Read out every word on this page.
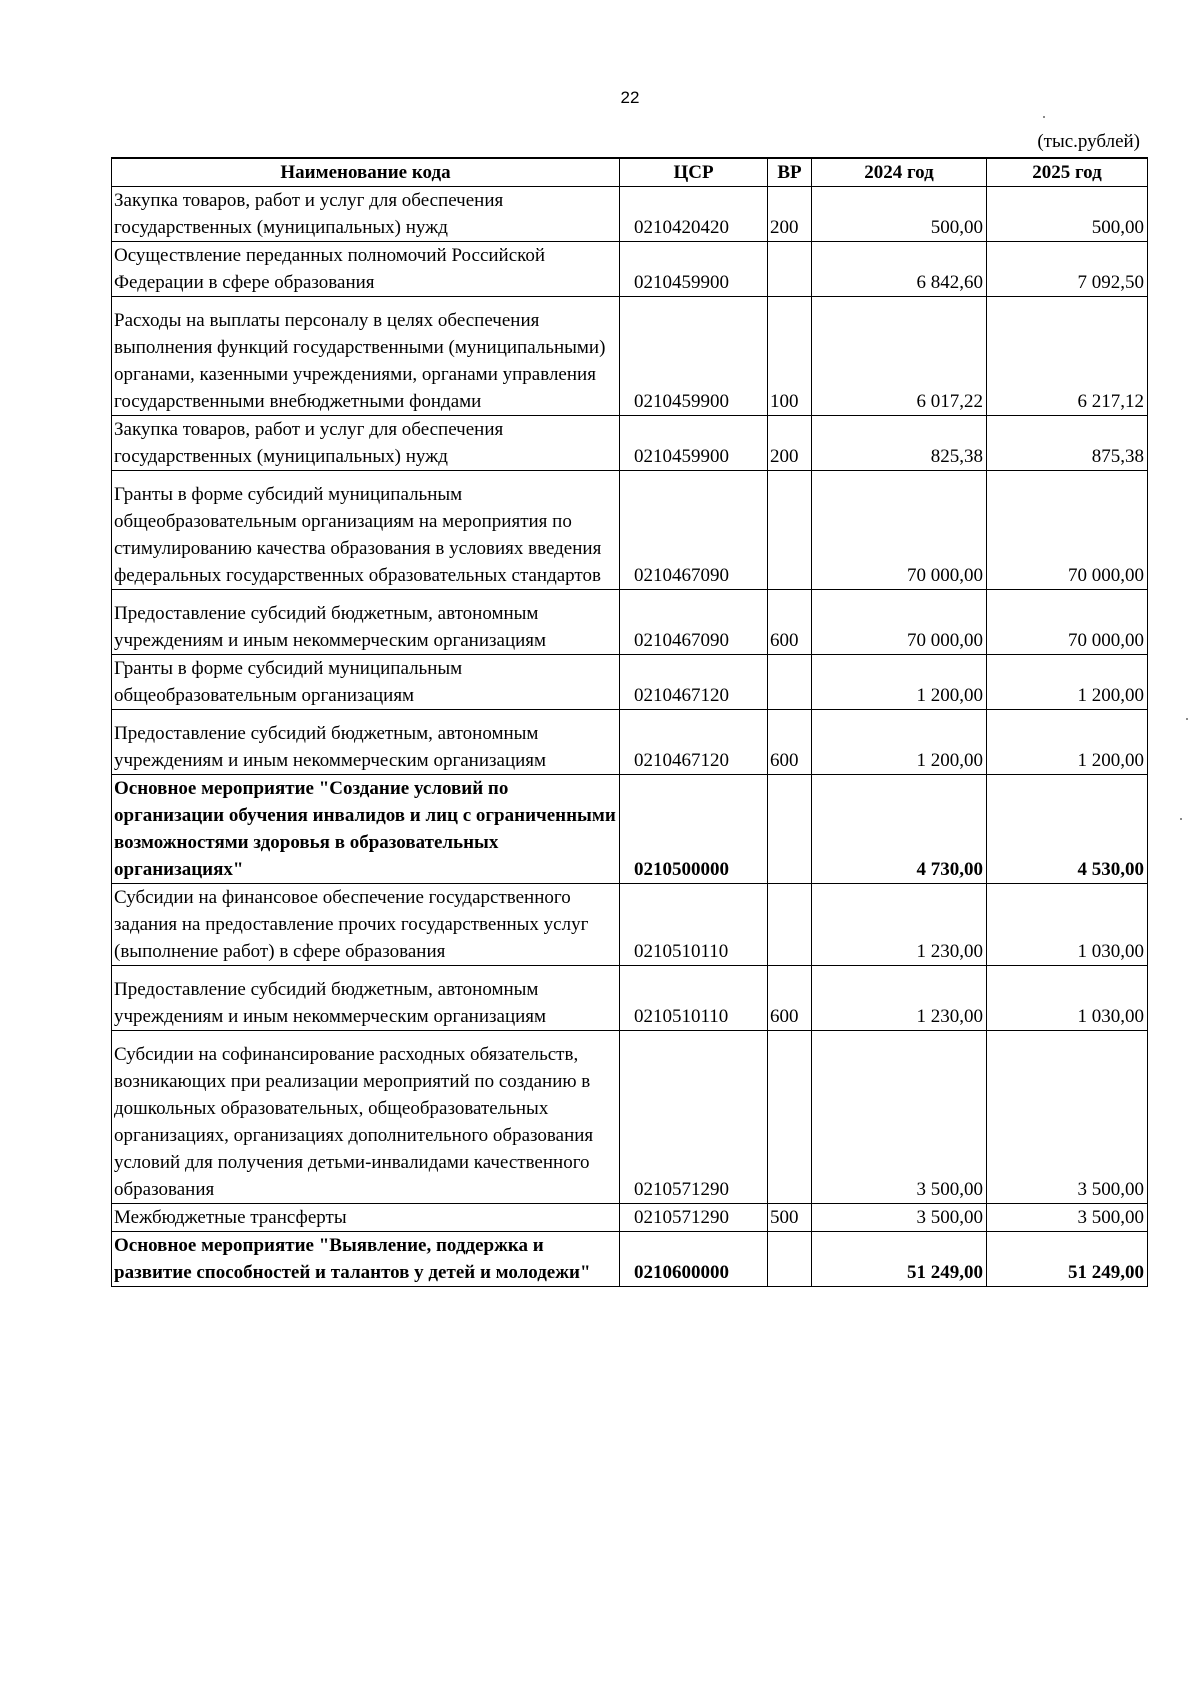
22
(тыс.рублей)
Наименование кода	ЦСР	ВР	2024 год	2025 год
Закупка товаров, работ и услуг для обеспечения государственных (муниципальных) нужд	0210420420	200	500,00	500,00
Осуществление переданных полномочий Российской Федерации в сфере образования	0210459900		6 842,60	7 092,50
Расходы на выплаты персоналу в целях обеспечения выполнения функций государственными (муниципальными) органами, казенными учреждениями, органами управления государственными внебюджетными фондами	0210459900	100	6 017,22	6 217,12
Закупка товаров, работ и услуг для обеспечения государственных (муниципальных) нужд	0210459900	200	825,38	875,38
Гранты в форме субсидий муниципальным общеобразовательным организациям на мероприятия по стимулированию качества образования в условиях введения федеральных государственных образовательных стандартов	0210467090		70 000,00	70 000,00
Предоставление субсидий бюджетным, автономным учреждениям и иным некоммерческим организациям	0210467090	600	70 000,00	70 000,00
Гранты в форме субсидий муниципальным общеобразовательным организациям	0210467120		1 200,00	1 200,00
Предоставление субсидий бюджетным, автономным учреждениям и иным некоммерческим организациям	0210467120	600	1 200,00	1 200,00
Основное мероприятие "Создание условий по организации обучения инвалидов и лиц с ограниченными возможностями здоровья в образовательных организациях"	0210500000		4 730,00	4 530,00
Субсидии на финансовое обеспечение государственного задания на предоставление прочих государственных услуг (выполнение работ) в сфере образования	0210510110		1 230,00	1 030,00
Предоставление субсидий бюджетным, автономным учреждениям и иным некоммерческим организациям	0210510110	600	1 230,00	1 030,00
Субсидии на софинансирование расходных обязательств, возникающих при реализации мероприятий по созданию в дошкольных образовательных, общеобразовательных организациях, организациях дополнительного образования условий для получения детьми-инвалидами качественного образования	0210571290		3 500,00	3 500,00
Межбюджетные трансферты	0210571290	500	3 500,00	3 500,00
Основное мероприятие "Выявление, поддержка и развитие способностей и талантов у детей и молодежи"	0210600000		51 249,00	51 249,00
